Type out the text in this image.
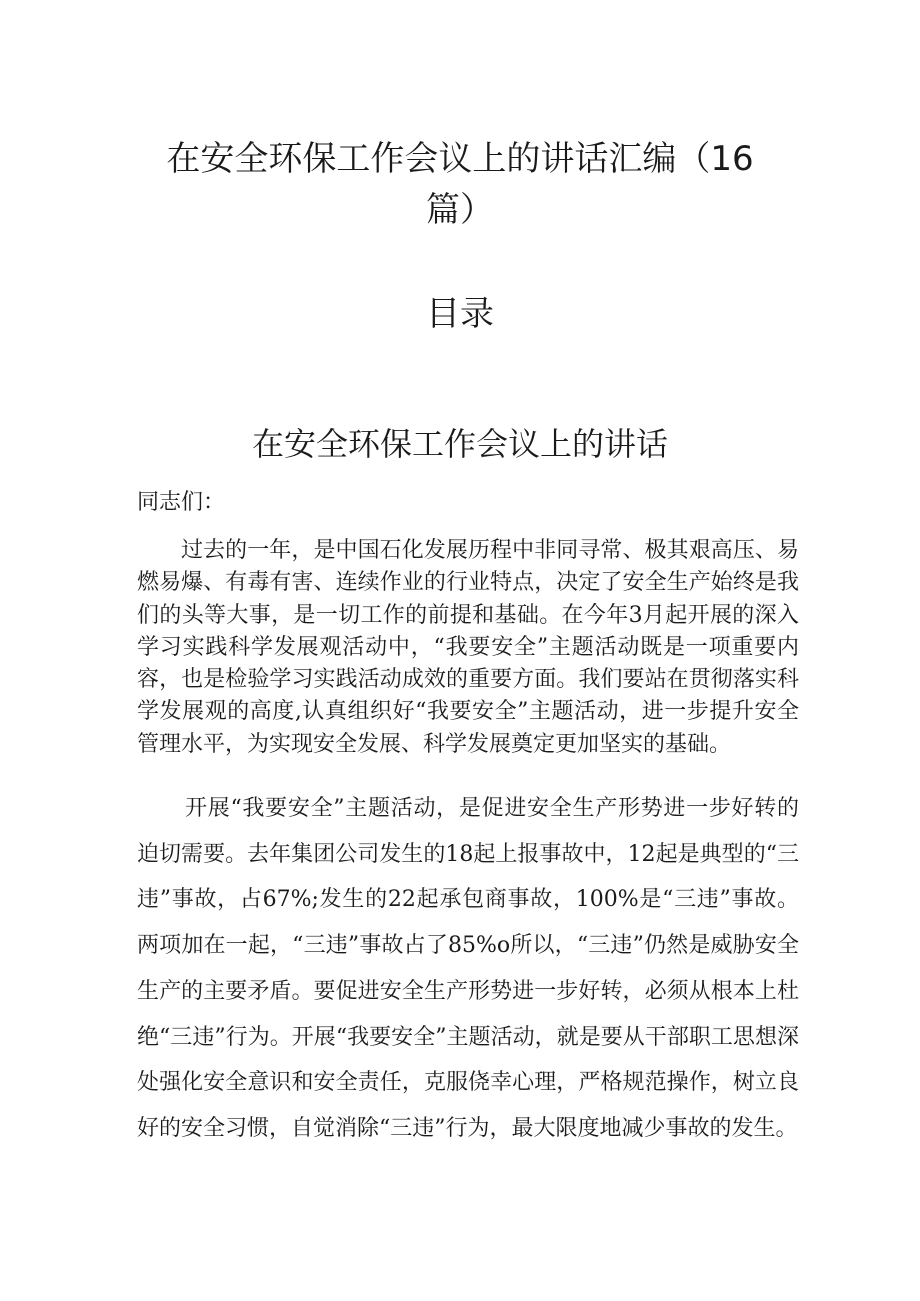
在安全环保工作会议上的讲话汇编（16
篇）
目录
在安全环保工作会议上的讲话
同志们：
过去的一年，是中国石化发展历程中非同寻常、极其艰高压、易燃易爆、有毒有害、连续作业的行业特点，决定了安全生产始终是我们的头等大事，是一切工作的前提和基础。在今年3月起开展的深入学习实践科学发展观活动中，“我要安全”主题活动既是一项重要内容，也是检验学习实践活动成效的重要方面。我们要站在贯彻落实科学发展观的高度,认真组织好“我要安全”主题活动，进一步提升安全管理水平，为实现安全发展、科学发展奠定更加坚实的基础。
开展“我要安全”主题活动，是促进安全生产形势进一步好转的迫切需要。去年集团公司发生的18起上报事故中，12起是典型的“三违”事故，占67%;发生的22起承包商事故，100%是“三违”事故。两项加在一起，“三违”事故占了85%o所以，“三违”仍然是威胁安全生产的主要矛盾。要促进安全生产形势进一步好转，必须从根本上杜绝“三违”行为。开展“我要安全”主题活动，就是要从干部职工思想深处强化安全意识和安全责任，克服侥幸心理，严格规范操作，树立良好的安全习惯，自觉消除“三违”行为，最大限度地减少事故的发生。
